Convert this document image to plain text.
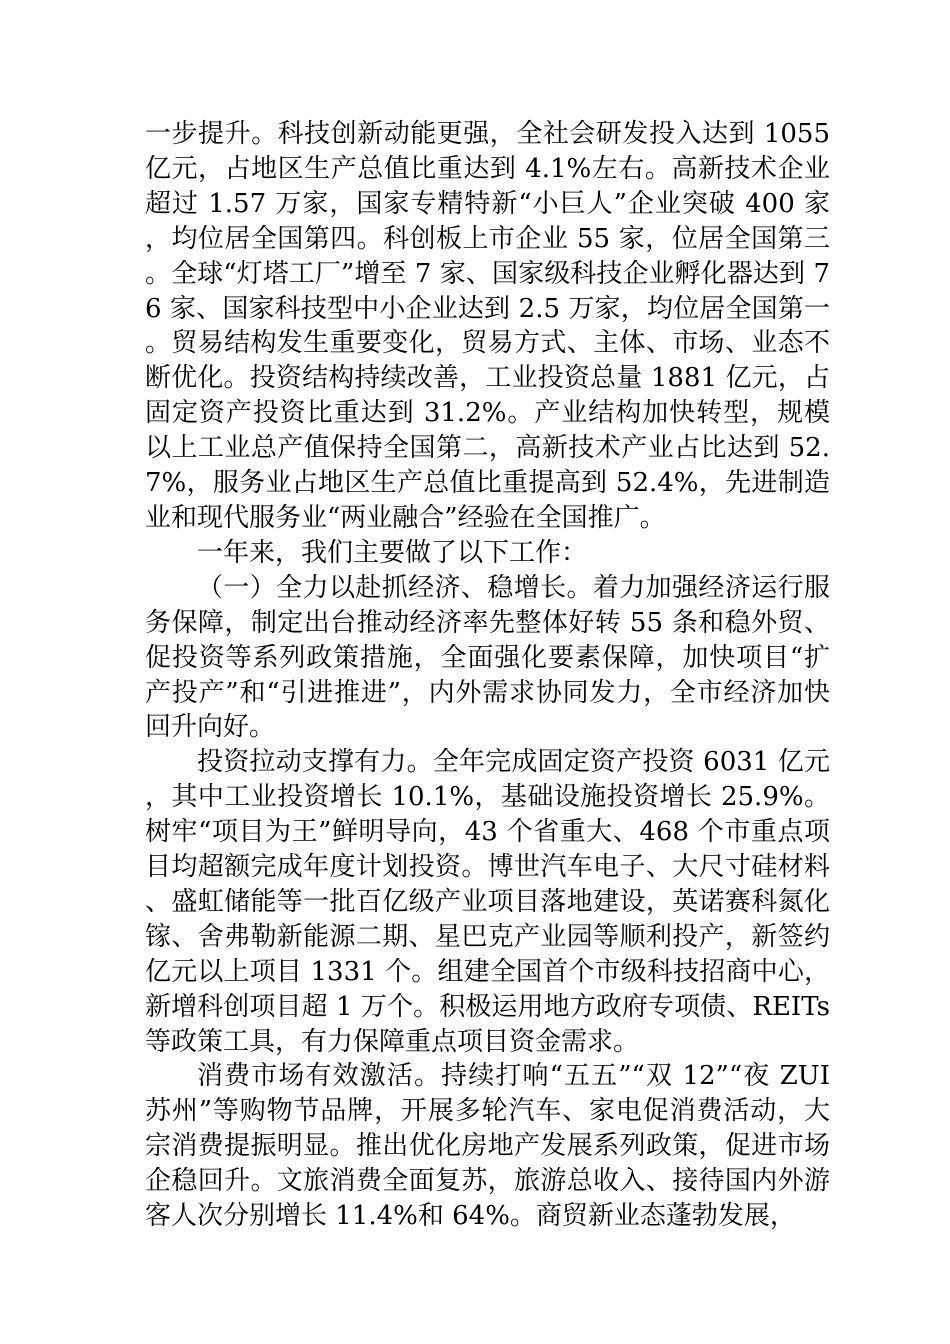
一步提升。科技创新动能更强，全社会研发投入达到 1055 亿元，占地区生产总值比重达到 4.1%左右。高新技术企业超过 1.57 万家，国家专精特新“小巨人”企业突破 400 家，均位居全国第四。科创板上市企业 55 家，位居全国第三。全球“灯塔工厂”增至 7 家、国家级科技企业孵化器达到 76 家、国家科技型中小企业达到 2.5 万家，均位居全国第一。贸易结构发生重要变化，贸易方式、主体、市场、业态不断优化。投资结构持续改善，工业投资总量 1881 亿元，占固定资产投资比重达到 31.2%。产业结构加快转型，规模以上工业总产值保持全国第二，高新技术产业占比达到 52.7%，服务业占地区生产总值比重提高到 52.4%，先进制造业和现代服务业“两业融合”经验在全国推广。

一年来，我们主要做了以下工作：

（一）全力以赴抓经济、稳增长。着力加强经济运行服务保障，制定出台推动经济率先整体好转 55 条和稳外贸、促投资等系列政策措施，全面强化要素保障，加快项目“扩产投产”和“引进推进”，内外需求协同发力，全市经济加快回升向好。

投资拉动支撑有力。全年完成固定资产投资 6031 亿元，其中工业投资增长 10.1%，基础设施投资增长 25.9%。树牢“项目为王”鲜明导向，43 个省重大、468 个市重点项目均超额完成年度计划投资。博世汽车电子、大尺寸硅材料、盛虹储能等一批百亿级产业项目落地建设，英诺赛科氮化镓、舍弗勒新能源二期、星巴克产业园等顺利投产，新签约亿元以上项目 1331 个。组建全国首个市级科技招商中心，新增科创项目超 1 万个。积极运用地方政府专项债、REITs 等政策工具，有力保障重点项目资金需求。

消费市场有效激活。持续打响“五五”“双 12”“夜 ZUI 苏州”等购物节品牌，开展多轮汽车、家电促消费活动，大宗消费提振明显。推出优化房地产发展系列政策，促进市场企稳回升。文旅消费全面复苏，旅游总收入、接待国内外游客人次分别增长 11.4%和 64%。商贸新业态蓬勃发展，
